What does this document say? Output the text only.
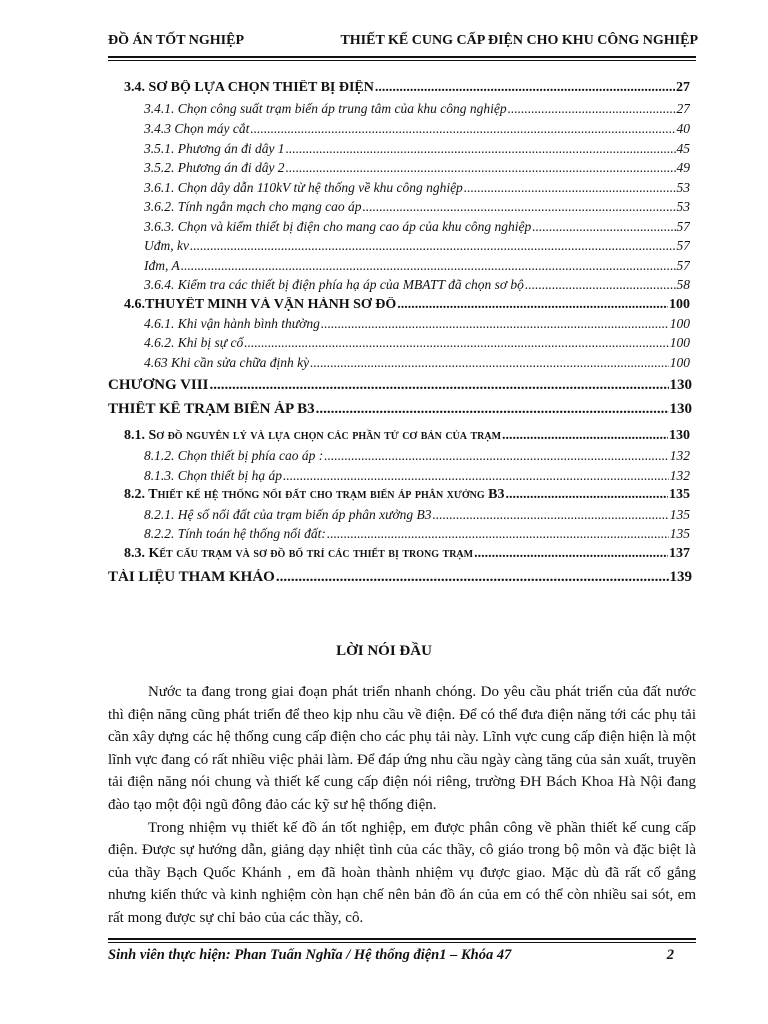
ĐỒ ÁN TỐT NGHIỆP	THIẾT KẾ CUNG CẤP ĐIỆN CHO KHU CÔNG NGHIỆP
3.4. SƠ BỘ LỰA CHỌN THIẾT BỊ ĐIỆN .....	27
3.4.1. Chọn công suất trạm biến áp trung tâm của khu công nghiệp .....	27
3.4.3 Chọn máy cắt .....	40
3.5.1. Phương án đi dây 1 .....	45
3.5.2. Phương án đi dây 2 .....	49
3.6.1. Chọn dây dẫn 110kV từ hệ thống về khu công nghiệp .....	53
3.6.2. Tính ngắn mạch cho mạng cao áp .....	53
3.6.3. Chọn và kiểm thiết bị điện cho mang cao áp của khu công nghiệp .....	57
Uđm, kv .....	57
Iđm, A .....	57
3.6.4. Kiểm tra các thiết bị điện phía hạ áp của MBATT đã chọn sơ bộ .....	58
4.6.THUYẾT MINH VÀ VẬN HÀNH SƠ ĐỒ .....	100
4.6.1. Khi vận hành bình thường .....	100
4.6.2. Khi bị sự cố .....	100
4.63 Khi cần sửa chữa định kỳ .....	100
CHƯƠNG VIII .....	130
THIẾT KẾ TRẠM BIẾN ÁP B3 .....	130
8.1. Sơ đồ nguyên lý và lựa chọn các phần tử cơ bản của trạm .....	130
8.1.2. Chọn thiết bị phía cao áp : .....	132
8.1.3. Chọn thiết bị hạ áp .....	132
8.2. Thiết kế hệ thống nối đất cho trạm biến áp phân xưởng B3 .....	135
8.2.1. Hệ số nối đất của trạm biến áp phân xưởng B3 .....	135
8.2.2. Tính toán hệ thống nối đất: .....	135
8.3. Kết cấu trạm và sơ đồ bố trí các thiết bị trong trạm .....	137
TÀI LIỆU THAM KHẢO .....	139
LỜI NÓI ĐẦU

Nước ta đang trong giai đoạn phát triển nhanh chóng. Do yêu cầu phát triển của đất nước thì điện năng cũng phát triển để theo kịp nhu cầu về điện. Để có thể đưa điện năng tới các phụ tải cần xây dựng các hệ thống cung cấp điện cho các phụ tải này. Lĩnh vực cung cấp điện hiện là một lĩnh vực đang có rất nhiều việc phải làm. Để đáp ứng nhu cầu ngày càng tăng của sản xuất, truyền tải điện năng nói chung và thiết kế cung cấp điện nói riêng, trường ĐH Bách Khoa Hà Nội đang đào tạo một đội ngũ đông đảo các kỹ sư hệ thống điện.

Trong nhiệm vụ thiết kế đồ án tốt nghiệp, em được phân công về phần thiết kế cung cấp điện. Được sự hướng dẫn, giảng dạy nhiệt tình của các thầy, cô giáo trong bộ môn và đặc biệt là của thầy Bạch Quốc Khánh , em đã hoàn thành nhiệm vụ được giao. Mặc dù đã rất cố gắng nhưng kiến thức và kinh nghiệm còn hạn chế nên bản đồ án của em có thể còn nhiều sai sót, em rất mong được sự chỉ bảo của các thầy, cô.

Sinh viên thực hiện: Phan Tuấn Nghĩa / Hệ thống điện1 – Khóa 47	2
